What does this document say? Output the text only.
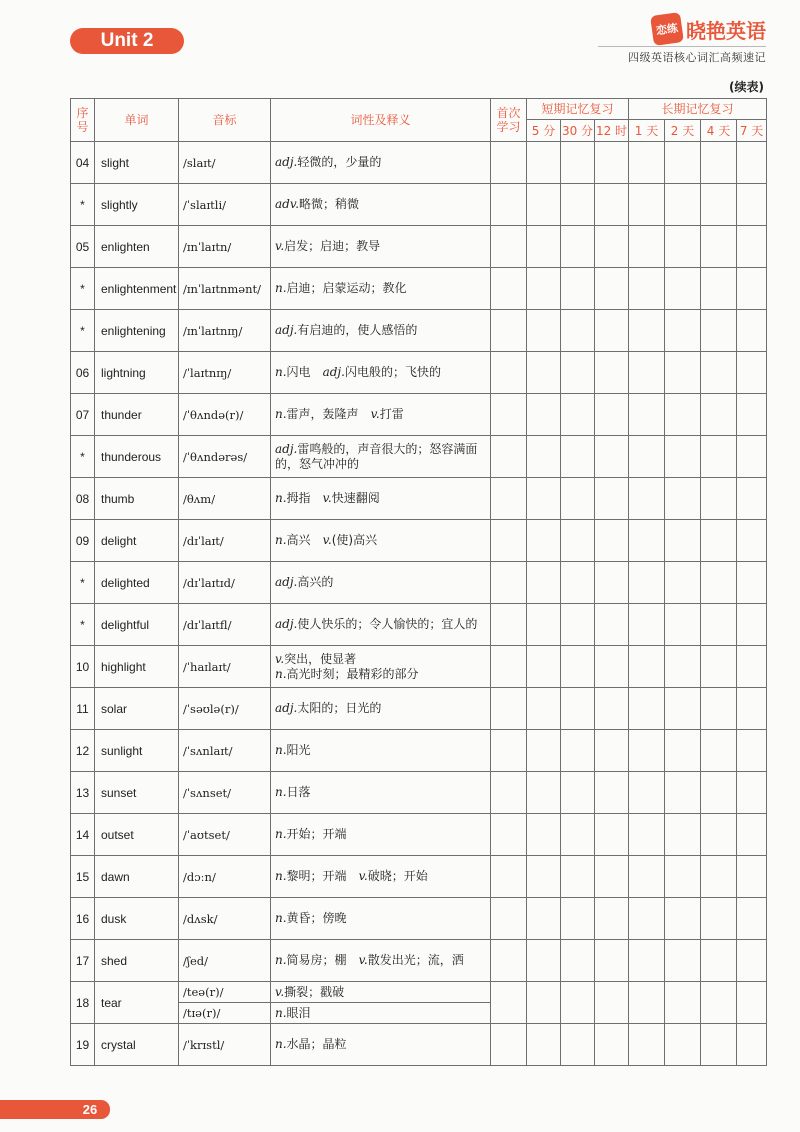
Unit 2
恋练 晓艳英语
四级英语核心词汇高频速记
(续表)
序号	单词	音标	词性及释义	首次学习	短期记忆复习			长期记忆复习			
					5 分	30 分	12 时	1 天	2 天	4 天	7 天
04	slight	/slaɪt/	adj.轻微的，少量的								
*	slightly	/ˈslaɪtli/	adv.略微；稍微								
05	enlighten	/ɪnˈlaɪtn/	v.启发；启迪；教导								
*	enlightenment	/ɪnˈlaɪtnmənt/	n.启迪；启蒙运动；教化								
*	enlightening	/ɪnˈlaɪtnɪŋ/	adj.有启迪的，使人感悟的								
06	lightning	/ˈlaɪtnɪŋ/	n.闪电  adj.闪电般的；飞快的								
07	thunder	/ˈθʌndə(r)/	n.雷声，轰隆声  v.打雷								
*	thunderous	/ˈθʌndərəs/	adj.雷鸣般的，声音很大的；怒容满面的，怒气冲冲的								
08	thumb	/θʌm/	n.拇指  v.快速翻阅								
09	delight	/dɪˈlaɪt/	n.高兴  v.(使)高兴								
*	delighted	/dɪˈlaɪtɪd/	adj.高兴的								
*	delightful	/dɪˈlaɪtfl/	adj.使人快乐的；令人愉快的；宜人的								
10	highlight	/ˈhaɪlaɪt/	v.突出，使显著
n.高光时刻；最精彩的部分								

11	solar	/ˈsəʊlə(r)/	adj.太阳的；日光的								
12	sunlight	/ˈsʌnlaɪt/	n.阳光								
13	sunset	/ˈsʌnset/	n.日落								
14	outset	/ˈaʊtset/	n.开始；开端								
15	dawn	/dɔːn/	n.黎明；开端  v.破晓；开始								
16	dusk	/dʌsk/	n.黄昏；傍晚								
17	shed	/ʃed/	n.简易房；棚  v.散发出光；流，洒								
18	tear	/teə(r)/	v.撕裂；戳破								
		/tɪə(r)/	n.眼泪								
19	crystal	/ˈkrɪstl/	n.水晶；晶粒								
26
